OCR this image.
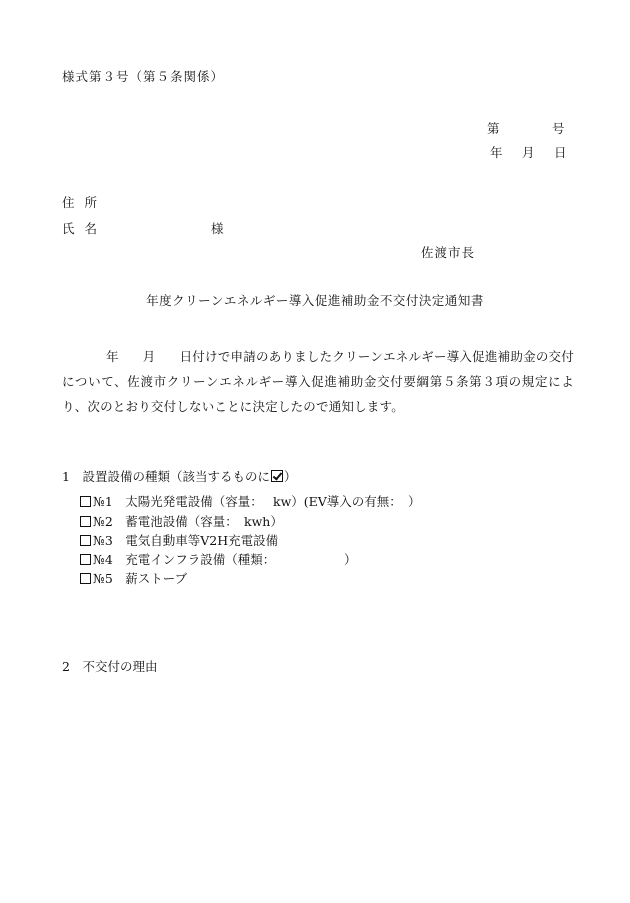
様式第３号（第５条関係）
第	号
年 月 日
住所
氏名	様
佐渡市長
年度クリーンエネルギー導入促進補助金不交付決定通知書
年 月 日付けで申請のありましたクリーンエネルギー導入促進補助金の交付について、佐渡市クリーンエネルギー導入促進補助金交付要綱第５条第３項の規定により、次のとおり交付しないことに決定したので通知します。
1　設置設備の種類（該当するものに ）
№1　太陽光発電設備（容量：　 kw）(EV導入の有無：　）
№2　蓄電池設備（容量：　kwh）
№3　電気自動車等V2H充電設備
№4　充電インフラ設備（種類：　　　　　　）
№5　薪ストーブ
2　不交付の理由
